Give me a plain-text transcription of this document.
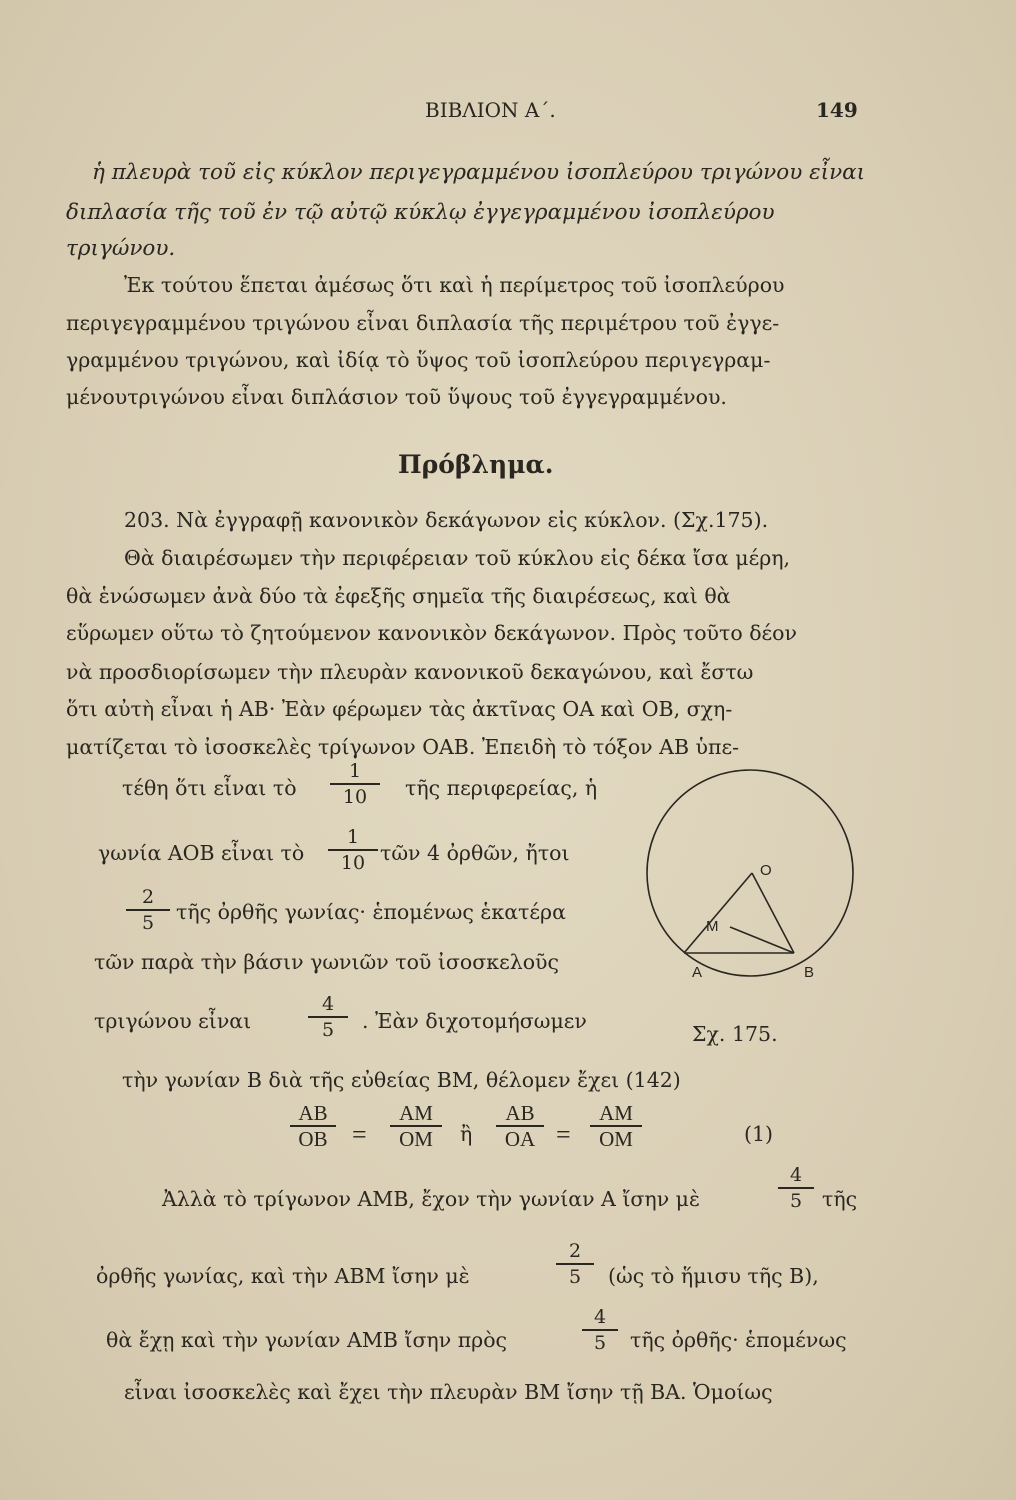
ΒΙΒΛΙΟΝ Α΄.	149
ἡ πλευρὰ τοῦ εἰς κύκλον περιγεγραμμένου ἰσοπλεύρου τριγώνου εἶναι
διπλασία τῆς τοῦ ἐν τῷ αὐτῷ κύκλῳ ἐγγεγραμμένου ἰσοπλεύρου
τριγώνου.
Ἐκ τούτου ἕπεται ἀμέσως ὅτι καὶ ἡ περίμετρος τοῦ ἰσοπλεύρου
περιγεγραμμένου τριγώνου εἶναι διπλασία τῆς περιμέτρου τοῦ ἐγγε-
γραμμένου τριγώνου, καὶ ἰδίᾳ τὸ ὕψος τοῦ ἰσοπλεύρου περιγεγραμ-
μένουτριγώνου εἶναι διπλάσιον τοῦ ὕψους τοῦ ἐγγεγραμμένου.
Πρόβλημα.
203. Νὰ ἐγγραφῇ κανονικὸν δεκάγωνον εἰς κύκλον. (Σχ.175).
Θὰ διαιρέσωμεν τὴν περιφέρειαν τοῦ κύκλου εἰς δέκα ἴσα μέρη,
θὰ ἑνώσωμεν ἀνὰ δύο τὰ ἐφεξῆς σημεῖα τῆς διαιρέσεως, καὶ θὰ
εὕρωμεν οὕτω τὸ ζητούμενον κανονικὸν δεκάγωνον. Πρὸς τοῦτο δέον
νὰ προσδιορίσωμεν τὴν πλευρὰν κανονικοῦ δεκαγώνου, καὶ ἔστω
ὅτι αὐτὴ εἶναι ἡ ΑΒ· Ἐὰν φέρωμεν τὰς ἀκτῖνας ΟΑ καὶ ΟΒ, σχη-
ματίζεται τὸ ἰσοσκελὲς τρίγωνον ΟΑΒ. Ἐπειδὴ τὸ τόξον ΑΒ ὑπε-
τέθη ὅτι εἶναι τὸ
1
10	τῆς περιφερείας, ἡ
γωνία ΑΟΒ εἶναι τὸ
1
10 τῶν 4 ὀρθῶν, ἤτοι
2
5	τῆς ὀρθῆς γωνίας· ἑπομένως ἑκατέρα
τῶν παρὰ τὴν βάσιν γωνιῶν τοῦ ἰσοσκελοῦς
τριγώνου εἶναι
4
5	. Ἐὰν διχοτομήσωμεν
τὴν γωνίαν Β διὰ τῆς εὐθείας ΒΜ, θέλομεν ἔχει (142)
O
M
A	B
Σχ. 175.
AB
OB =
AM
OM	ἢ
AB
OA =
AM
OM	(1)
Ἀλλὰ τὸ τρίγωνον ΑΜΒ, ἔχον τὴν γωνίαν Α ἴσην μὲ
4
5 τῆς
ὀρθῆς γωνίας, καὶ τὴν ΑΒΜ ἴσην μὲ
2
5	(ὡς τὸ ἥμισυ τῆς Β),
θὰ ἔχῃ καὶ τὴν γωνίαν ΑΜΒ ἴσην πρὸς
4
5	τῆς ὀρθῆς· ἑπομένως
εἶναι ἰσοσκελὲς καὶ ἔχει τὴν πλευρὰν ΒΜ ἴσην τῇ ΒΑ. Ὁμοίως
